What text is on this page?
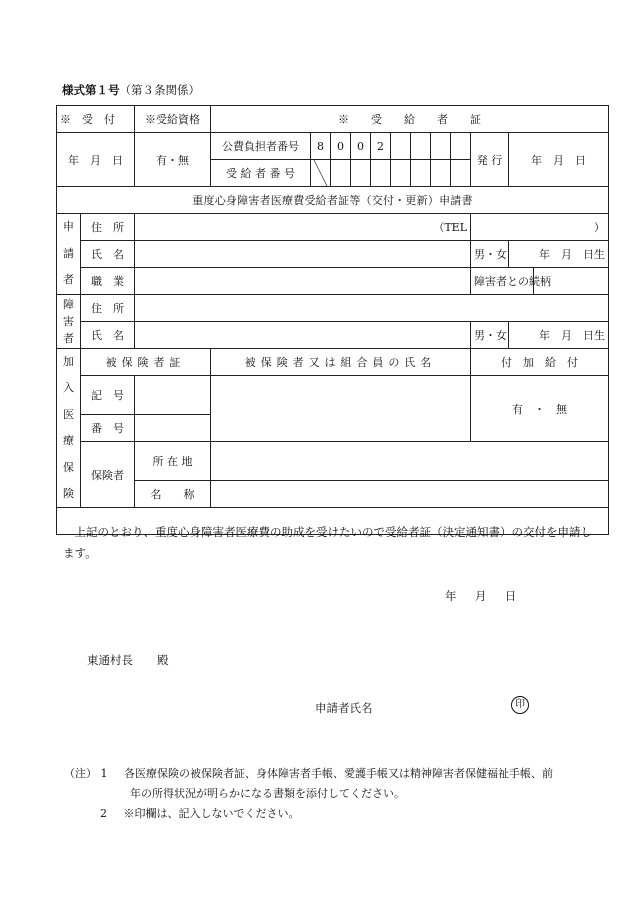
様式第１号（第３条関係）
※　受　付		※受給資格	※　　受　　給　　者　　証											
年　月　日		有・無	公費負担者番号	8	0	0	2					発 行	年　月　日	
			受 給 者 番 号	

重度心身障害者医療費受給者証等（交付・更新）申請書														
申請者	住　所	（TEL										）		
	氏　名											男・女	年　月　日生	
	職　業											障害者との続柄		
障害者	住　所													
	氏　名											男・女	年　月　日生	
加入医療保険	被保険者証		被保険者又は組合員の氏名									付　加　給　付		
	記　号											有　・　無		
	番　号													
	保険者	所 在 地												
		名　　称												

上記のとおり、重度心身障害者医療費の助成を受けたいので受給者証（決定通知書）の交付を申請します。
年　月　日
東通村長 殿
申請者氏名 印														
（注） 1 各医療保険の被保険者証、身体障害者手帳、愛護手帳又は精神障害者保健福祉手帳、前
年の所得状況が明らかになる書類を添付してください。
2 ※印欄は、記入しないでください。
